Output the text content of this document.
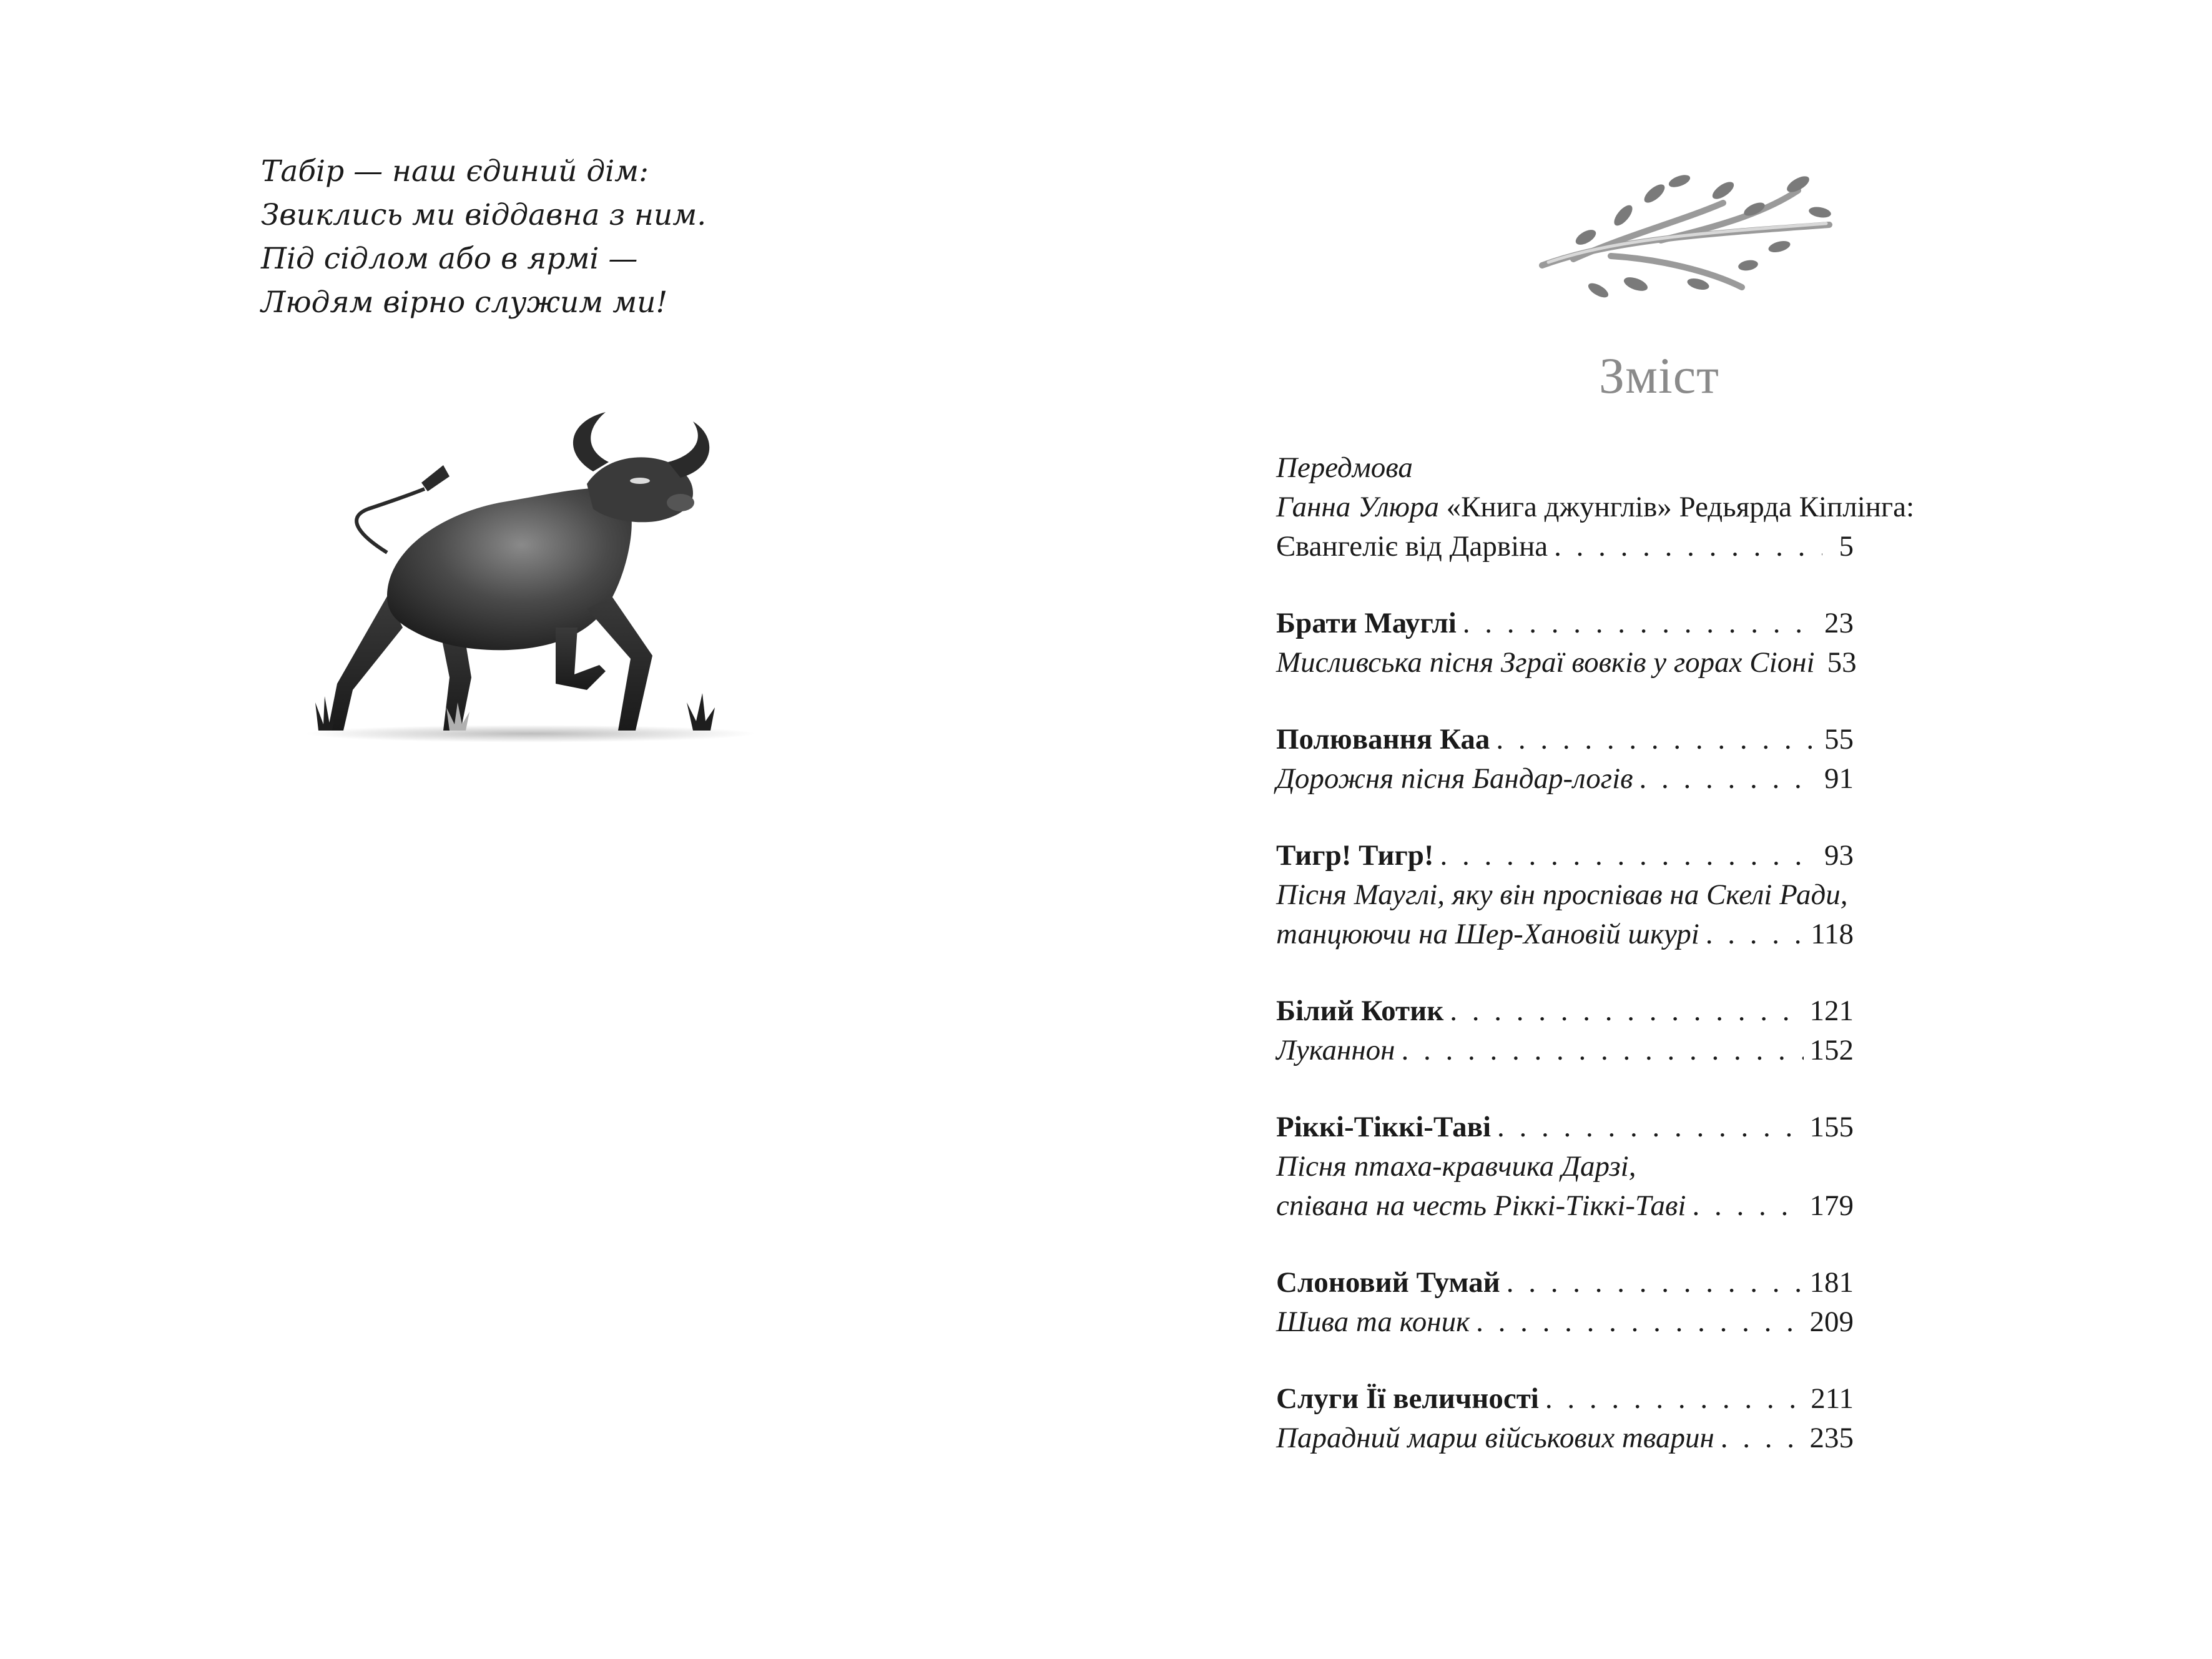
Табір — наш єдиний дім:
Звиклись ми віддавна з ним.
Під сідлом або в ярмі —
Людям вірно служим ми!
Зміст
Передмова
Ганна Улюра «Книга джунглів» Редьярда Кіплінга:
Євангеліє від Дарвіна . . .	5
Брати Мауглі . . .	23
Мисливська пісня Зграї вовків у горах Сіоні 53
Полювання Каа . . .	55
Дорожня пісня Бандар-логів . . .	91
Тигр! Тигр! . . .	93
Пісня Мауглі, яку він проспівав на Скелі Ради,
танцюючи на Шер-Хановій шкурі . . .	118
Білий Котик . . .	121
Луканнон . . .	152
Ріккі-Тіккі-Таві . . .	155
Пісня птаха-кравчика Дарзі,
співана на честь Ріккі-Тіккі-Таві . . .	179
Слоновий Тумай . . .	181
Шива та коник . . .	209
Слуги Її величності . . .	211
Парадний марш військових тварин . . .	235
